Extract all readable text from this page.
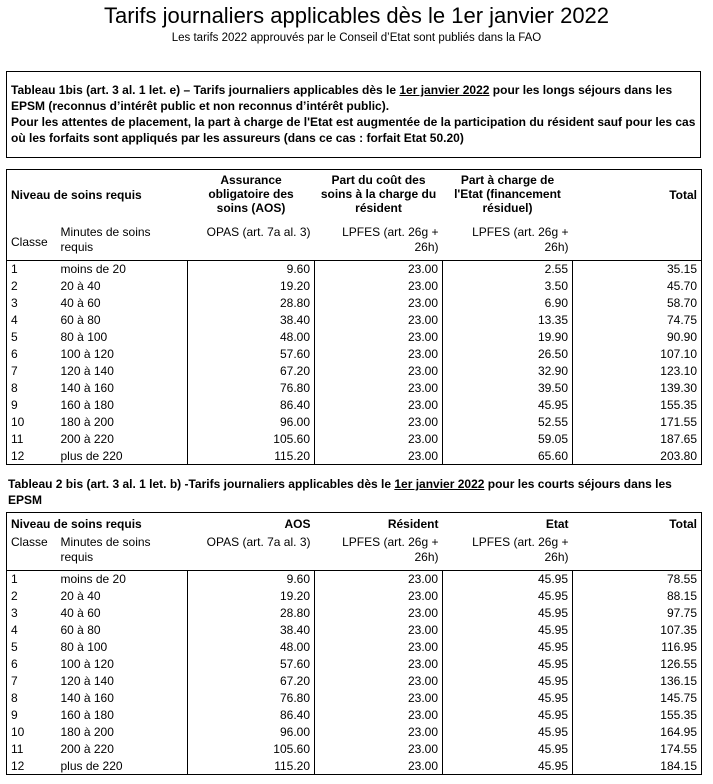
Tarifs journaliers applicables dès le 1er janvier 2022
Les tarifs 2022 approuvés par le Conseil d’Etat sont publiés dans la FAO

Tableau 1bis (art. 3 al. 1 let. e) – Tarifs journaliers applicables dès le 1er janvier 2022 pour les longs séjours dans les EPSM (reconnus d’intérêt public et non reconnus d’intérêt public).

Pour les attentes de placement, la part à charge de l'Etat est augmentée de la participation du résident sauf pour les cas où les forfaits sont appliqués par les assureurs (dans ce cas : forfait Etat 50.20)

Niveau de soins requis		Assurance obligatoire des soins (AOS)	Part du coût des soins à la charge du résident	Part à charge de l'Etat (financement résiduel)	Total
Classe	Minutes de soins requis	OPAS (art. 7a al. 3)	LPFES (art. 26g + 26h)	LPFES (art. 26g + 26h)	
1	moins de 20	9.60	23.00	2.55	35.15
2	20 à 40	19.20	23.00	3.50	45.70
3	40 à 60	28.80	23.00	6.90	58.70
4	60 à 80	38.40	23.00	13.35	74.75
5	80 à 100	48.00	23.00	19.90	90.90
6	100 à 120	57.60	23.00	26.50	107.10
7	120 à 140	67.20	23.00	32.90	123.10
8	140 à 160	76.80	23.00	39.50	139.30
9	160 à 180	86.40	23.00	45.95	155.35
10	180 à 200	96.00	23.00	52.55	171.55
11	200 à 220	105.60	23.00	59.05	187.65
12	plus de 220	115.20	23.00	65.60	203.80

Tableau 2 bis (art. 3 al. 1 let. b) -Tarifs journaliers applicables dès le 1er janvier 2022 pour les courts séjours dans les EPSM

Niveau de soins requis		AOS	Résident	Etat	Total
Classe	Minutes de soins requis	OPAS (art. 7a al. 3)	LPFES (art. 26g + 26h)	LPFES (art. 26g + 26h)	
1	moins de 20	9.60	23.00	45.95	78.55
2	20 à 40	19.20	23.00	45.95	88.15
3	40 à 60	28.80	23.00	45.95	97.75
4	60 à 80	38.40	23.00	45.95	107.35
5	80 à 100	48.00	23.00	45.95	116.95
6	100 à 120	57.60	23.00	45.95	126.55
7	120 à 140	67.20	23.00	45.95	136.15
8	140 à 160	76.80	23.00	45.95	145.75
9	160 à 180	86.40	23.00	45.95	155.35
10	180 à 200	96.00	23.00	45.95	164.95
11	200 à 220	105.60	23.00	45.95	174.55
12	plus de 220	115.20	23.00	45.95	184.15
